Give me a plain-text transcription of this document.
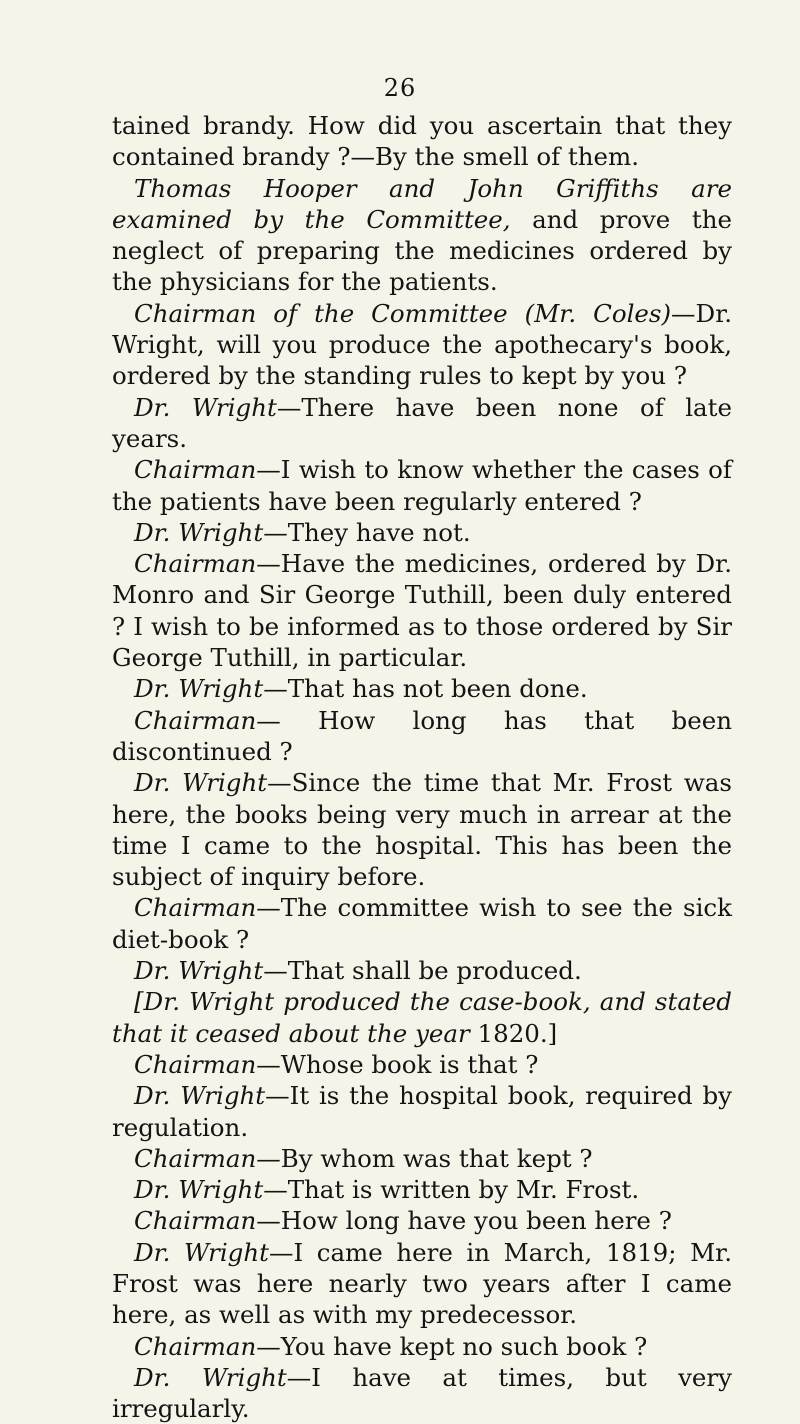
26

tained brandy. How did you ascertain that they contained brandy ?—By the smell of them.

Thomas Hooper and John Griffiths are examined by the Committee, and prove the neglect of preparing the medicines ordered by the physicians for the patients.

Chairman of the Committee (Mr. Coles)—Dr. Wright, will you produce the apothecary's book, ordered by the standing rules to kept by you ?

Dr. Wright—There have been none of late years.

Chairman—I wish to know whether the cases of the patients have been regularly entered ?

Dr. Wright—They have not.

Chairman—Have the medicines, ordered by Dr. Monro and Sir George Tuthill, been duly entered ? I wish to be informed as to those ordered by Sir George Tuthill, in particular.

Dr. Wright—That has not been done.

Chairman— How long has that been discontinued ?

Dr. Wright—Since the time that Mr. Frost was here, the books being very much in arrear at the time I came to the hospital. This has been the subject of inquiry before.

Chairman—The committee wish to see the sick diet-book ?

Dr. Wright—That shall be produced.

[Dr. Wright produced the case-book, and stated that it ceased about the year 1820.]

Chairman—Whose book is that ?

Dr. Wright—It is the hospital book, required by regulation.

Chairman—By whom was that kept ?

Dr. Wright—That is written by Mr. Frost.

Chairman—How long have you been here ?

Dr. Wright—I came here in March, 1819; Mr. Frost was here nearly two years after I came here, as well as with my predecessor.

Chairman—You have kept no such book ?

Dr. Wright—I have at times, but very irregularly.
